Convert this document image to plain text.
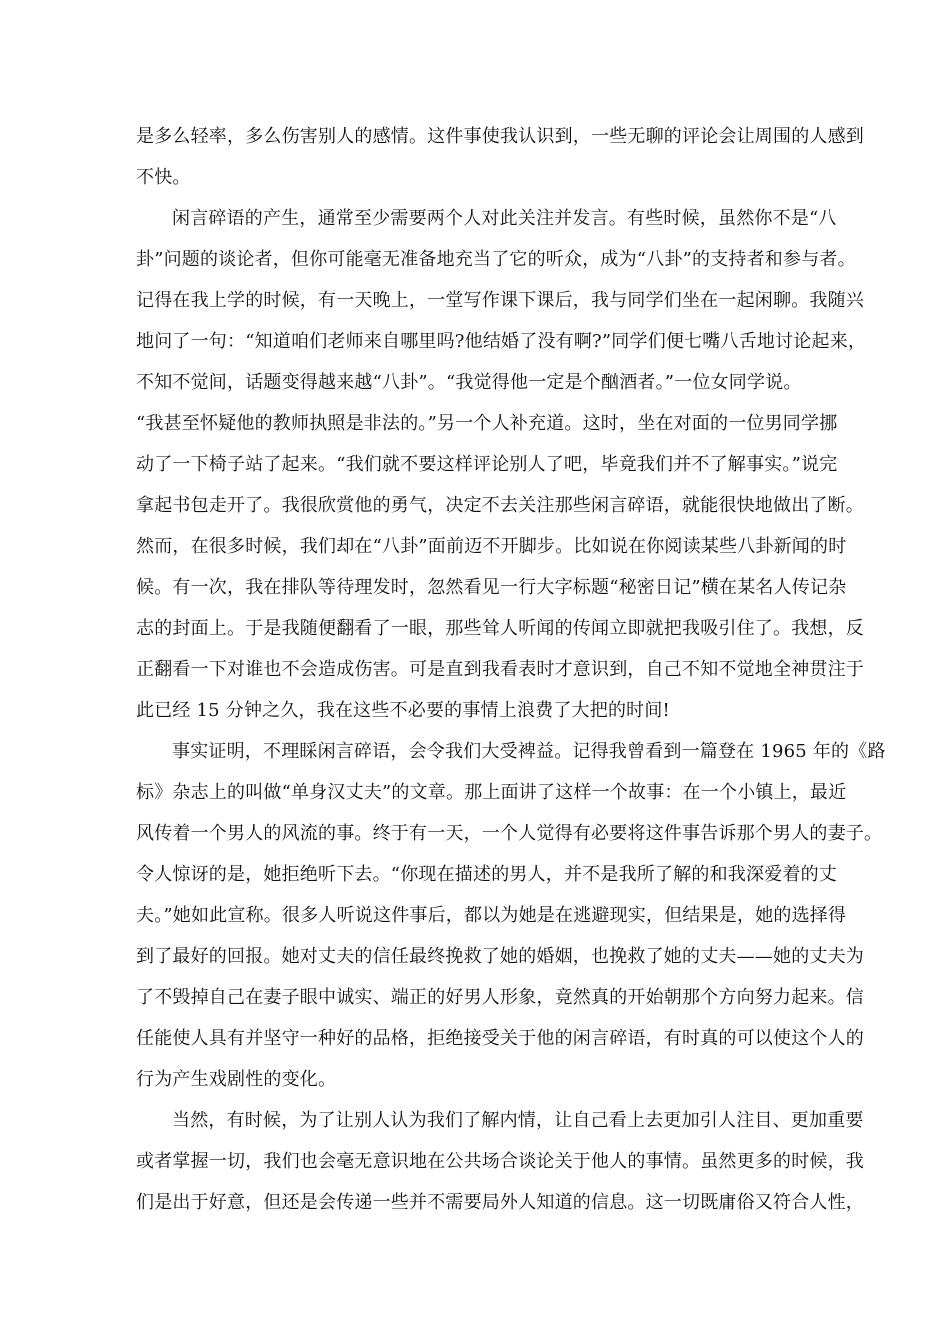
是多么轻率，多么伤害别人的感情。这件事使我认识到，一些无聊的评论会让周围的人感到
不快。
闲言碎语的产生，通常至少需要两个人对此关注并发言。有些时候，虽然你不是“八
卦”问题的谈论者，但你可能毫无准备地充当了它的听众，成为“八卦”的支持者和参与者。
记得在我上学的时候，有一天晚上，一堂写作课下课后，我与同学们坐在一起闲聊。我随兴
地问了一句：“知道咱们老师来自哪里吗?他结婚了没有啊?”同学们便七嘴八舌地讨论起来，
不知不觉间，话题变得越来越“八卦”。“我觉得他一定是个酗酒者。”一位女同学说。
“我甚至怀疑他的教师执照是非法的。”另一个人补充道。这时，坐在对面的一位男同学挪
动了一下椅子站了起来。“我们就不要这样评论别人了吧，毕竟我们并不了解事实。”说完
拿起书包走开了。我很欣赏他的勇气，决定不去关注那些闲言碎语，就能很快地做出了断。
然而，在很多时候，我们却在“八卦”面前迈不开脚步。比如说在你阅读某些八卦新闻的时
候。有一次，我在排队等待理发时，忽然看见一行大字标题“秘密日记”横在某名人传记杂
志的封面上。于是我随便翻看了一眼，那些耸人听闻的传闻立即就把我吸引住了。我想，反
正翻看一下对谁也不会造成伤害。可是直到我看表时才意识到，自己不知不觉地全神贯注于
此已经 15 分钟之久，我在这些不必要的事情上浪费了大把的时间!
事实证明，不理睬闲言碎语，会令我们大受裨益。记得我曾看到一篇登在 1965 年的《路
标》杂志上的叫做“单身汉丈夫”的文章。那上面讲了这样一个故事：在一个小镇上，最近
风传着一个男人的风流的事。终于有一天，一个人觉得有必要将这件事告诉那个男人的妻子。
令人惊讶的是，她拒绝听下去。“你现在描述的男人，并不是我所了解的和我深爱着的丈
夫。”她如此宣称。很多人听说这件事后，都以为她是在逃避现实，但结果是，她的选择得
到了最好的回报。她对丈夫的信任最终挽救了她的婚姻，也挽救了她的丈夫——她的丈夫为
了不毁掉自己在妻子眼中诚实、端正的好男人形象，竟然真的开始朝那个方向努力起来。信
任能使人具有并坚守一种好的品格，拒绝接受关于他的闲言碎语，有时真的可以使这个人的
行为产生戏剧性的变化。
当然，有时候，为了让别人认为我们了解内情，让自己看上去更加引人注目、更加重要
或者掌握一切，我们也会毫无意识地在公共场合谈论关于他人的事情。虽然更多的时候，我
们是出于好意，但还是会传递一些并不需要局外人知道的信息。这一切既庸俗又符合人性，
